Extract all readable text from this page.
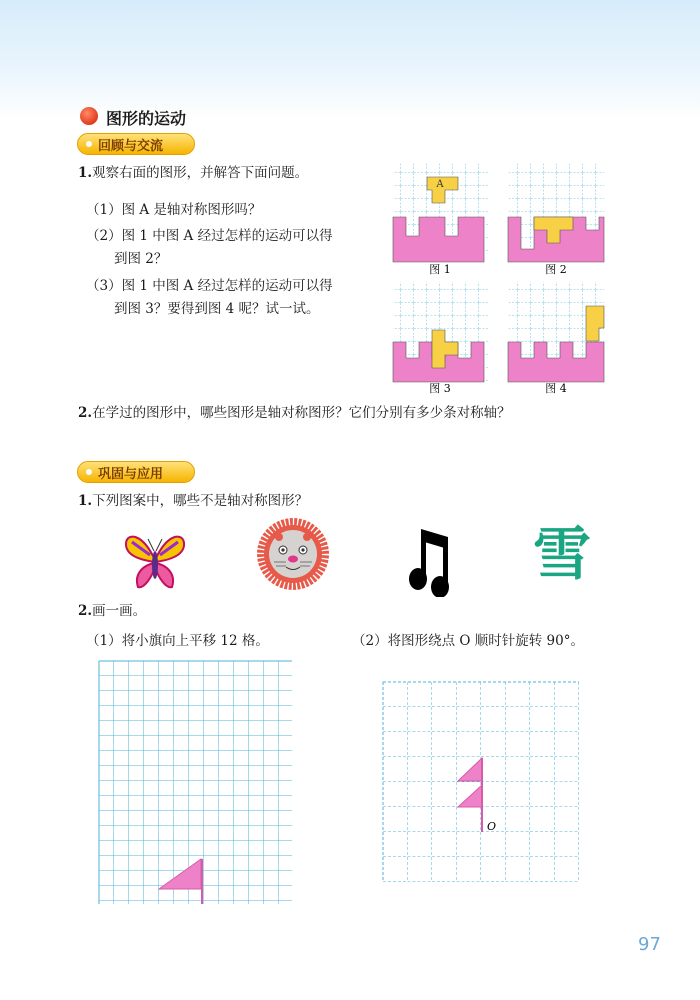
图形的运动
回顾与交流
1.观察右面的图形，并解答下面问题。
（1）图 A 是轴对称图形吗？
（2）图 1 中图 A 经过怎样的运动可以得
到图 2？
（3）图 1 中图 A 经过怎样的运动可以得
到图 3？要得到图 4 呢？试一试。
A
图 1	图 2
图 3	图 4
2.在学过的图形中，哪些图形是轴对称图形？它们分别有多少条对称轴？
巩固与应用
1.下列图案中，哪些不是轴对称图形？
雪
2.画一画。
（1）将小旗向上平移 12 格。	（2）将图形绕点 O 顺时针旋转 90°。
O
97
